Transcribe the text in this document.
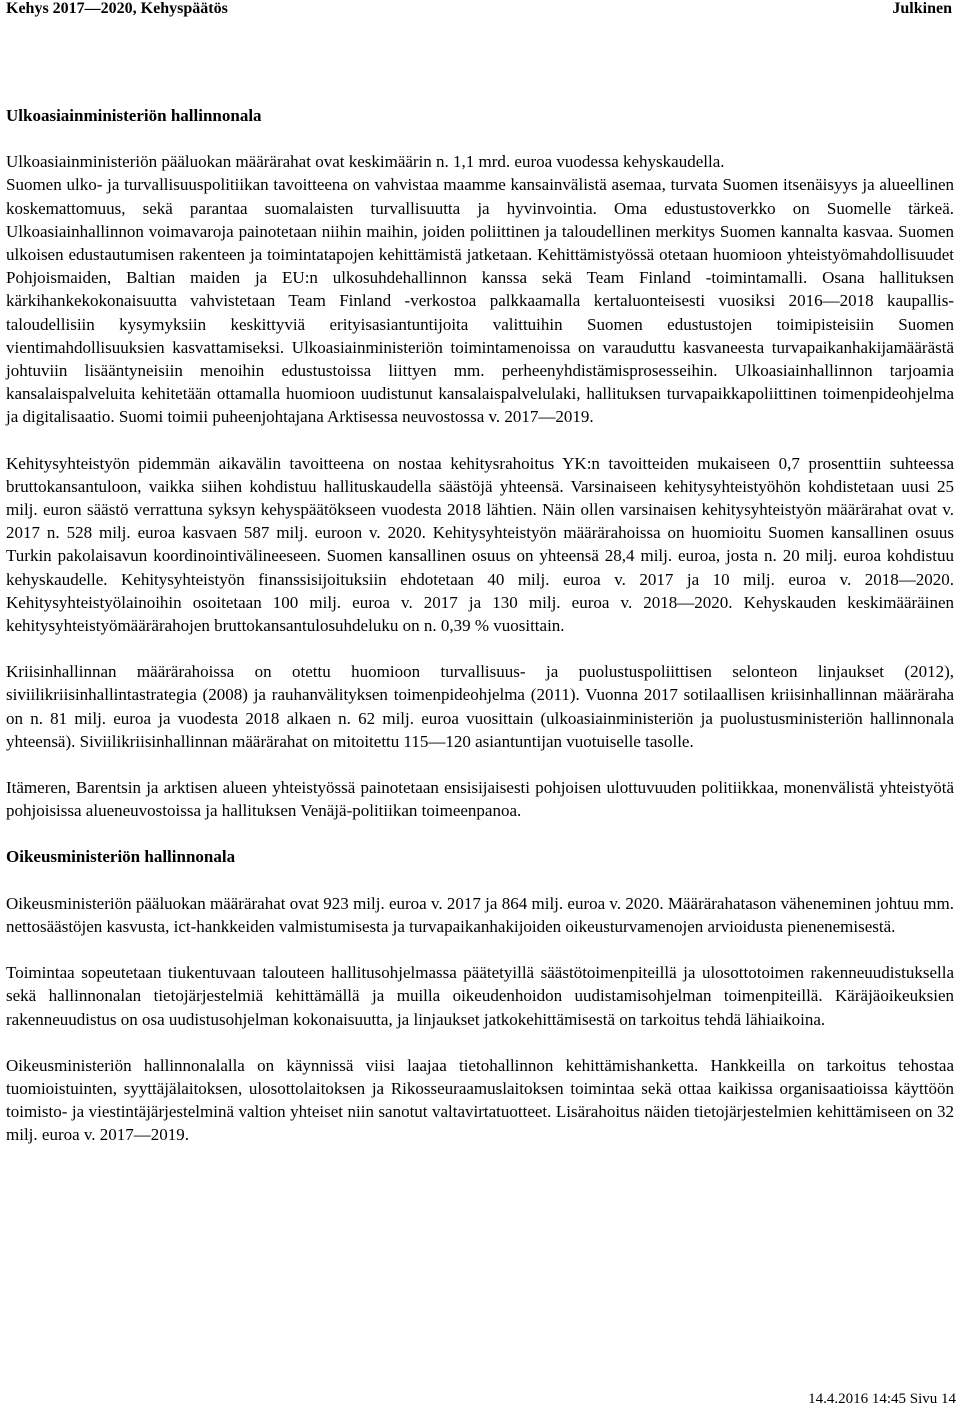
Kehys 2017—2020, Kehyspäätös	Julkinen
Ulkoasiainministeriön hallinnonala

Ulkoasiainministeriön pääluokan määrärahat ovat keskimäärin n. 1,1 mrd. euroa vuodessa kehyskaudella.

Suomen ulko- ja turvallisuuspolitiikan tavoitteena on vahvistaa maamme kansainvälistä asemaa, turvata Suomen itsenäisyys ja alueellinen koskemattomuus, sekä parantaa suomalaisten turvallisuutta ja hyvinvointia. Oma edustustoverkko on Suomelle tärkeä. Ulkoasiainhallinnon voimavaroja painotetaan niihin maihin, joiden poliittinen ja taloudellinen merkitys Suomen kannalta kasvaa. Suomen ulkoisen edustautumisen rakenteen ja toimintatapojen kehittämistä jatketaan. Kehittämistyössä otetaan huomioon yhteistyömahdollisuudet Pohjoismaiden, Baltian maiden ja EU:n ulkosuhdehallinnon kanssa sekä Team Finland -toimintamalli. Osana hallituksen kärkihankekokonaisuutta vahvistetaan Team Finland -verkostoa palkkaamalla kertaluonteisesti vuosiksi 2016—2018 kaupallis-taloudellisiin kysymyksiin keskittyviä erityisasiantuntijoita valittuihin Suomen edustustojen toimipisteisiin Suomen vientimahdollisuuksien kasvattamiseksi. Ulkoasiainministeriön toimintamenoissa on varauduttu kasvaneesta turvapaikanhakijamäärästä johtuviin lisääntyneisiin menoihin edustustoissa liittyen mm. perheenyhdistämisprosesseihin. Ulkoasiainhallinnon tarjoamia kansalaispalveluita kehitetään ottamalla huomioon uudistunut kansalaispalvelulaki, hallituksen turvapaikkapoliittinen toimenpideohjelma ja digitalisaatio. Suomi toimii puheenjohtajana Arktisessa neuvostossa v. 2017—2019.

Kehitysyhteistyön pidemmän aikavälin tavoitteena on nostaa kehitysrahoitus YK:n tavoitteiden mukaiseen 0,7 prosenttiin suhteessa bruttokansantuloon, vaikka siihen kohdistuu hallituskaudella säästöjä yhteensä. Varsinaiseen kehitysyhteistyöhön kohdistetaan uusi 25 milj. euron säästö verrattuna syksyn kehyspäätökseen vuodesta 2018 lähtien. Näin ollen varsinaisen kehitysyhteistyön määrärahat ovat v. 2017 n. 528 milj. euroa kasvaen 587 milj. euroon v. 2020. Kehitysyhteistyön määrärahoissa on huomioitu Suomen kansallinen osuus Turkin pakolaisavun koordinointivälineeseen. Suomen kansallinen osuus on yhteensä 28,4 milj. euroa, josta n. 20 milj. euroa kohdistuu kehyskaudelle. Kehitysyhteistyön finanssisijoituksiin ehdotetaan 40 milj. euroa v. 2017 ja 10 milj. euroa v. 2018—2020. Kehitysyhteistyölainoihin osoitetaan 100 milj. euroa v. 2017 ja 130 milj. euroa v. 2018—2020. Kehyskauden keskimääräinen kehitysyhteistyömäärärahojen bruttokansantulosuhdeluku on n. 0,39 % vuosittain.

Kriisinhallinnan määrärahoissa on otettu huomioon turvallisuus- ja puolustuspoliittisen selonteon linjaukset (2012), siviilikriisinhallintastrategia (2008) ja rauhanvälityksen toimenpideohjelma (2011). Vuonna 2017 sotilaallisen kriisinhallinnan määräraha on n. 81 milj. euroa ja vuodesta 2018 alkaen n. 62 milj. euroa vuosittain (ulkoasiainministeriön ja puolustusministeriön hallinnonala yhteensä). Siviilikriisinhallinnan määrärahat on mitoitettu 115—120 asiantuntijan vuotuiselle tasolle.

Itämeren, Barentsin ja arktisen alueen yhteistyössä painotetaan ensisijaisesti pohjoisen ulottuvuuden politiikkaa, monenvälistä yhteistyötä pohjoisissa alueneuvostoissa ja hallituksen Venäjä-politiikan toimeenpanoa.

Oikeusministeriön hallinnonala

Oikeusministeriön pääluokan määrärahat ovat 923 milj. euroa v. 2017 ja 864 milj. euroa v. 2020. Määrärahatason väheneminen johtuu mm. nettosäästöjen kasvusta, ict-hankkeiden valmistumisesta ja turvapaikanhakijoiden oikeusturvamenojen arvioidusta pienenemisestä.

Toimintaa sopeutetaan tiukentuvaan talouteen hallitusohjelmassa päätetyillä säästötoimenpiteillä ja ulosottotoimen rakenneuudistuksella sekä hallinnonalan tietojärjestelmiä kehittämällä ja muilla oikeudenhoidon uudistamisohjelman toimenpiteillä. Käräjäoikeuksien rakenneuudistus on osa uudistusohjelman kokonaisuutta, ja linjaukset jatkokehittämisestä on tarkoitus tehdä lähiaikoina.

Oikeusministeriön hallinnonalalla on käynnissä viisi laajaa tietohallinnon kehittämishanketta. Hankkeilla on tarkoitus tehostaa tuomioistuinten, syyttäjälaitoksen, ulosottolaitoksen ja Rikosseuraamuslaitoksen toimintaa sekä ottaa kaikissa organisaatioissa käyttöön toimisto- ja viestintäjärjestelminä valtion yhteiset niin sanotut valtavirtatuotteet. Lisärahoitus näiden tietojärjestelmien kehittämiseen on 32 milj. euroa v. 2017—2019.

14.4.2016 14:45 Sivu 14
